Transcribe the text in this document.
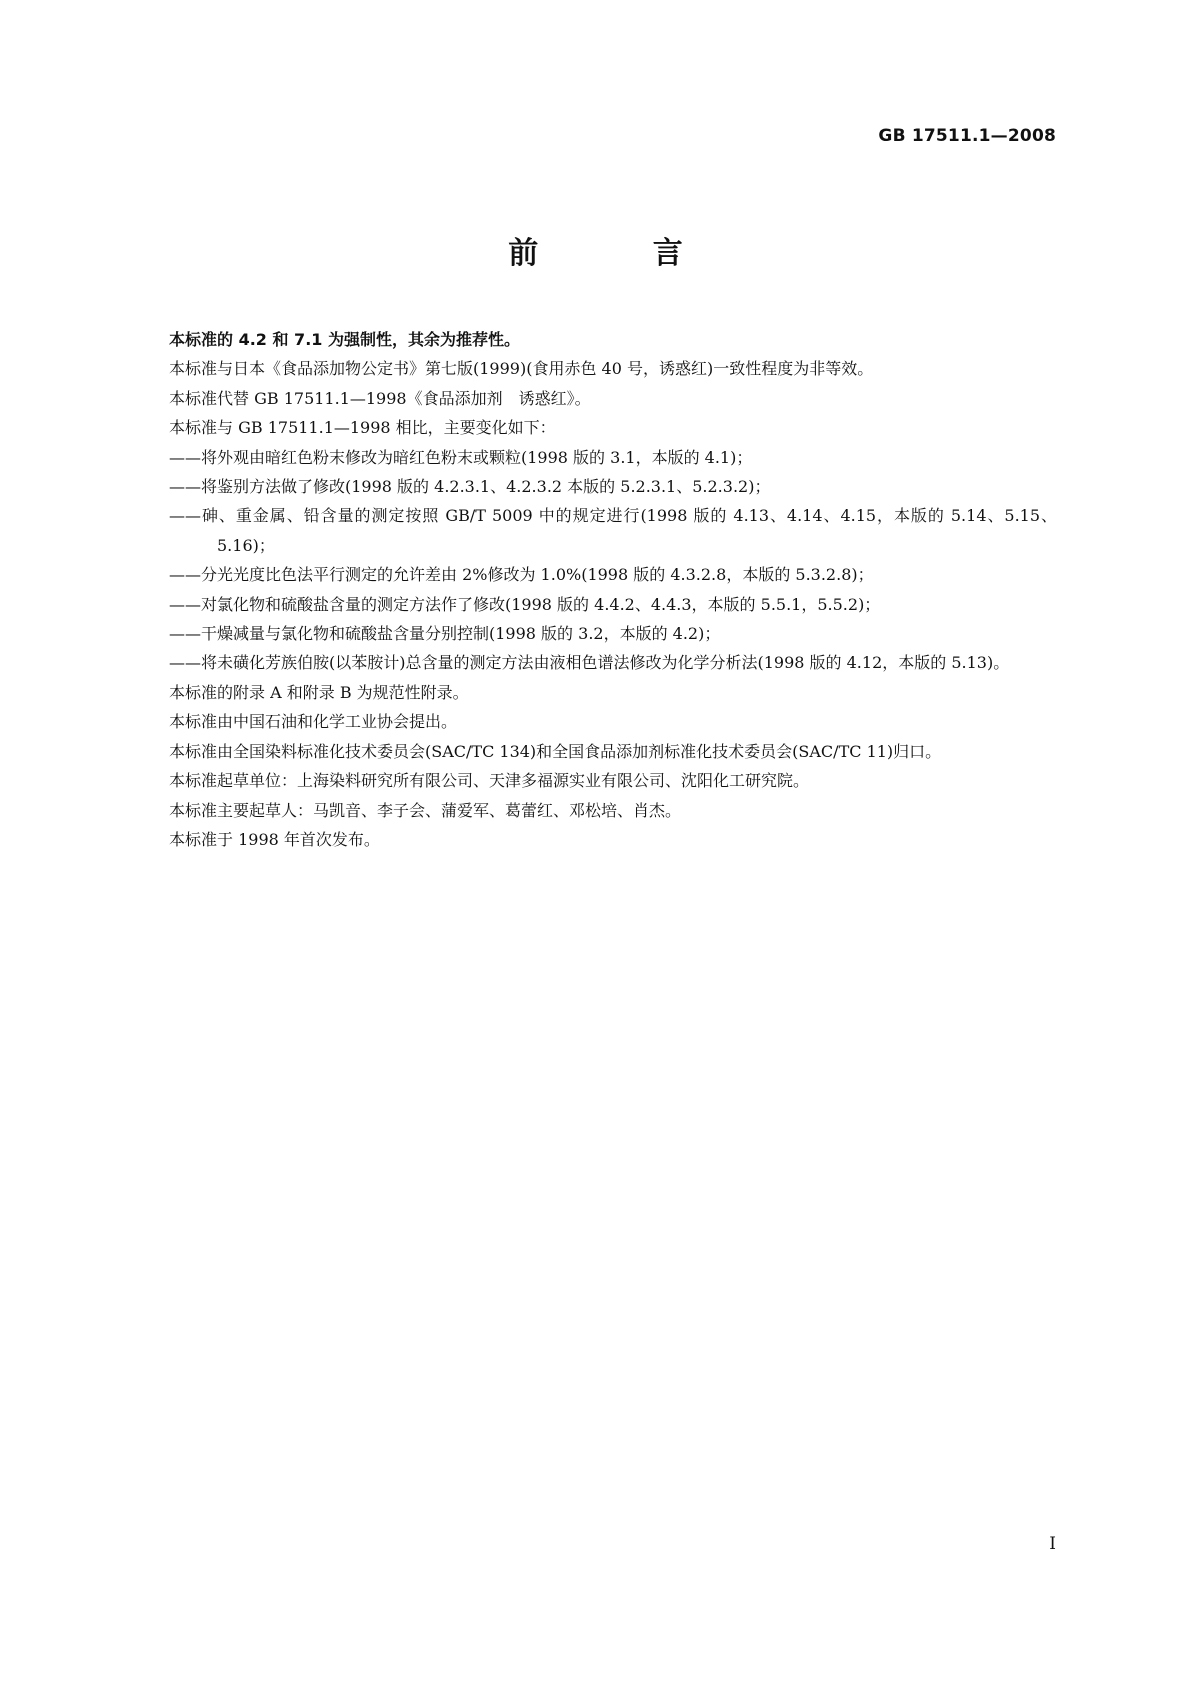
GB 17511.1—2008
前 言

本标准的 4.2 和 7.1 为强制性，其余为推荐性。

本标准与日本《食品添加物公定书》第七版(1999)(食用赤色 40 号，诱惑红)一致性程度为非等效。

本标准代替 GB 17511.1—1998《食品添加剂　诱惑红》。

本标准与 GB 17511.1—1998 相比，主要变化如下：

——将外观由暗红色粉末修改为暗红色粉末或颗粒(1998 版的 3.1，本版的 4.1)；

——将鉴别方法做了修改(1998 版的 4.2.3.1、4.2.3.2 本版的 5.2.3.1、5.2.3.2)；

——砷、重金属、铅含量的测定按照 GB/T 5009 中的规定进行(1998 版的 4.13、4.14、4.15，本版的 5.14、5.15、5.16)；

——分光光度比色法平行测定的允许差由 2%修改为 1.0%(1998 版的 4.3.2.8，本版的 5.3.2.8)；

——对氯化物和硫酸盐含量的测定方法作了修改(1998 版的 4.4.2、4.4.3，本版的 5.5.1，5.5.2)；

——干燥减量与氯化物和硫酸盐含量分别控制(1998 版的 3.2，本版的 4.2)；

——将未磺化芳族伯胺(以苯胺计)总含量的测定方法由液相色谱法修改为化学分析法(1998 版的 4.12，本版的 5.13)。

本标准的附录 A 和附录 B 为规范性附录。

本标准由中国石油和化学工业协会提出。

本标准由全国染料标准化技术委员会(SAC/TC 134)和全国食品添加剂标准化技术委员会(SAC/TC 11)归口。

本标准起草单位：上海染料研究所有限公司、天津多福源实业有限公司、沈阳化工研究院。

本标准主要起草人：马凯音、李子会、蒲爱军、葛蕾红、邓松培、肖杰。

本标准于 1998 年首次发布。

I
